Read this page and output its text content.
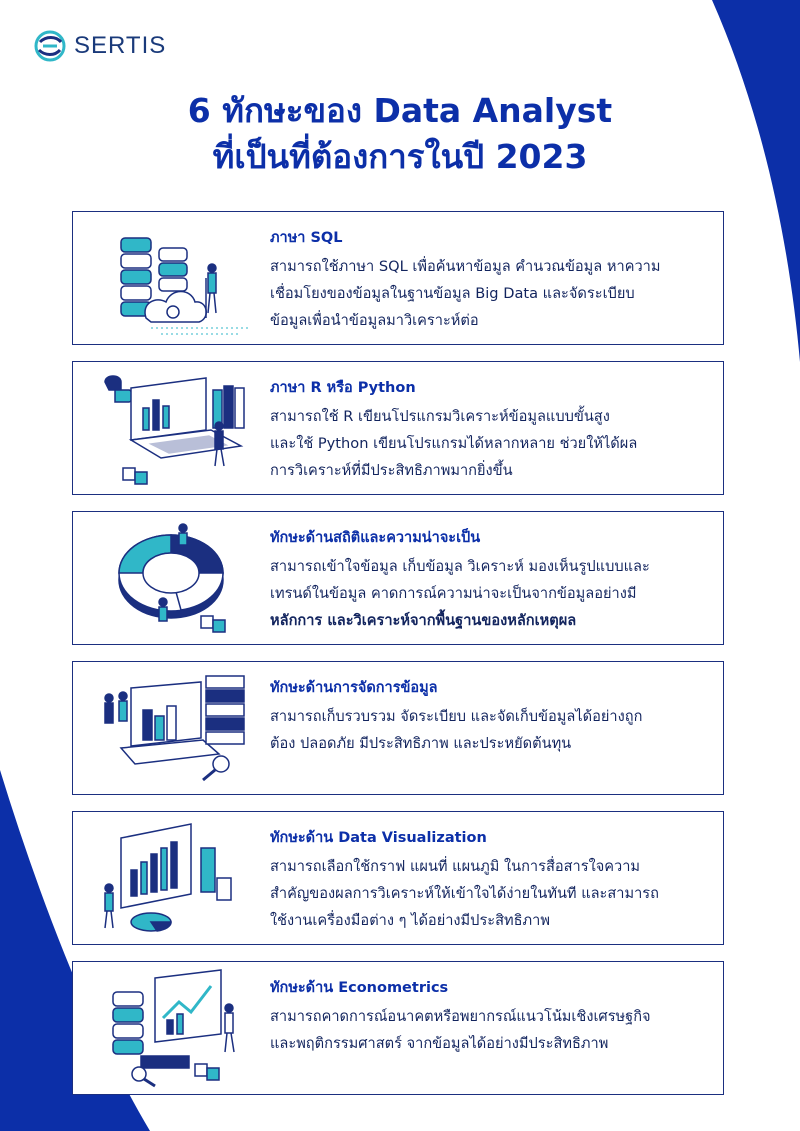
SERTIS
6 ทักษะของ Data Analyst
ที่เป็นที่ต้องการในปี 2023
ภาษา SQL
สามารถใช้ภาษา SQL เพื่อค้นหาข้อมูล คำนวณข้อมูล หาความ
เชื่อมโยงของข้อมูลในฐานข้อมูล Big Data และจัดระเบียบ
ข้อมูลเพื่อนำข้อมูลมาวิเคราะห์ต่อ
ภาษา R หรือ Python
สามารถใช้ R เขียนโปรแกรมวิเคราะห์ข้อมูลแบบขั้นสูง
และใช้ Python เขียนโปรแกรมได้หลากหลาย ช่วยให้ได้ผล
การวิเคราะห์ที่มีประสิทธิภาพมากยิ่งขึ้น
ทักษะด้านสถิติและความน่าจะเป็น
สามารถเข้าใจข้อมูล เก็บข้อมูล วิเคราะห์ มองเห็นรูปแบบและ
เทรนด์ในข้อมูล คาดการณ์ความน่าจะเป็นจากข้อมูลอย่างมี
หลักการ และวิเคราะห์จากพื้นฐานของหลักเหตุผล
ทักษะด้านการจัดการข้อมูล
สามารถเก็บรวบรวม จัดระเบียบ และจัดเก็บข้อมูลได้อย่างถูก
ต้อง ปลอดภัย มีประสิทธิภาพ และประหยัดต้นทุน
ทักษะด้าน Data Visualization
สามารถเลือกใช้กราฟ แผนที่ แผนภูมิ ในการสื่อสารใจความ
สำคัญของผลการวิเคราะห์ให้เข้าใจได้ง่ายในทันที และสามารถ
ใช้งานเครื่องมือต่าง ๆ ได้อย่างมีประสิทธิภาพ
ทักษะด้าน Econometrics
สามารถคาดการณ์อนาคตหรือพยากรณ์แนวโน้มเชิงเศรษฐกิจ
และพฤติกรรมศาสตร์ จากข้อมูลได้อย่างมีประสิทธิภาพ
